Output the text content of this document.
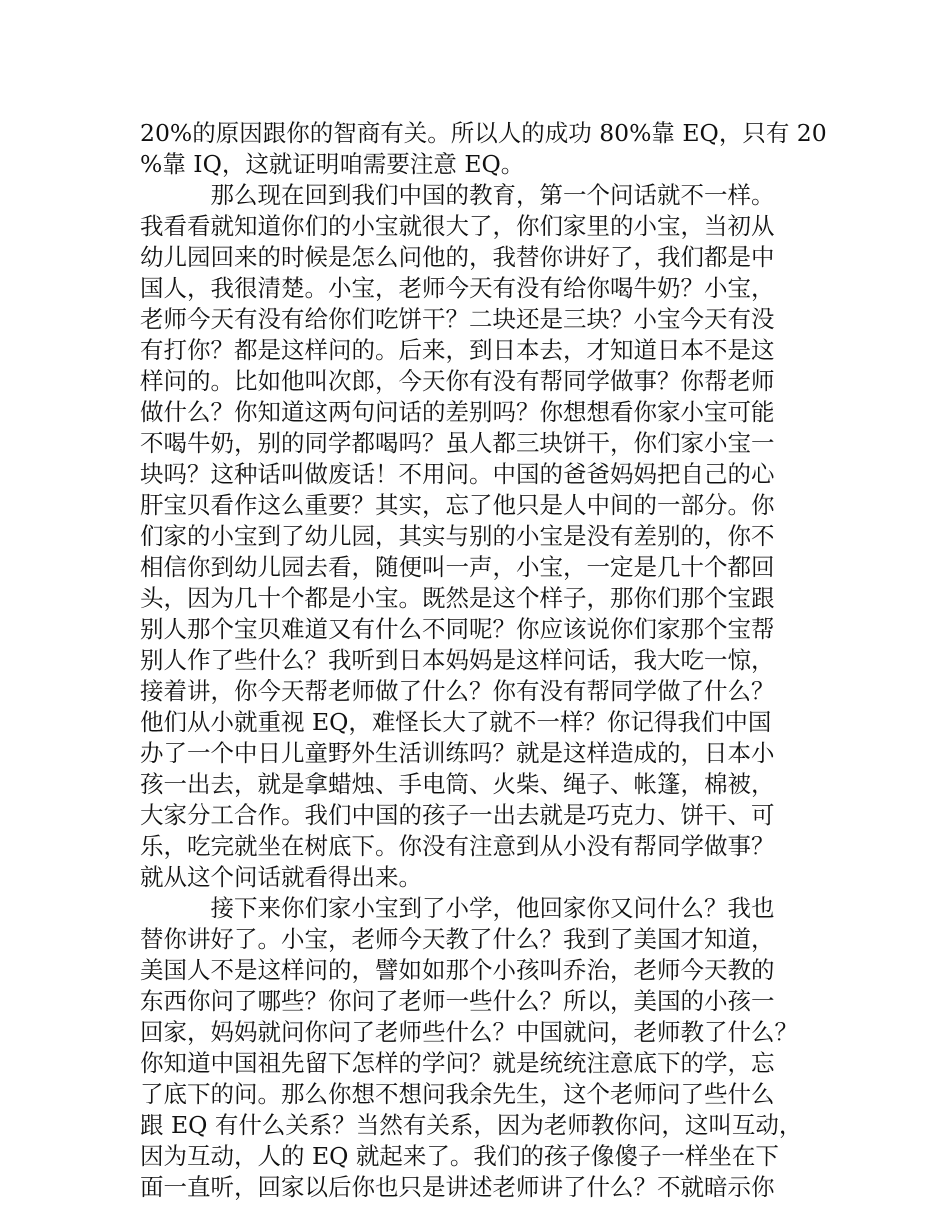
20%的原因跟你的智商有关。所以人的成功 80%靠 EQ，只有 20
%靠 IQ，这就证明咱需要注意 EQ。
　　　那么现在回到我们中国的教育，第一个问话就不一样。
我看看就知道你们的小宝就很大了，你们家里的小宝，当初从
幼儿园回来的时候是怎么问他的，我替你讲好了，我们都是中
国人，我很清楚。小宝，老师今天有没有给你喝牛奶？小宝，
老师今天有没有给你们吃饼干？二块还是三块？小宝今天有没
有打你？都是这样问的。后来，到日本去，才知道日本不是这
样问的。比如他叫次郎，今天你有没有帮同学做事？你帮老师
做什么？你知道这两句问话的差别吗？你想想看你家小宝可能
不喝牛奶，别的同学都喝吗？虽人都三块饼干，你们家小宝一
块吗？这种话叫做废话！不用问。中国的爸爸妈妈把自己的心
肝宝贝看作这么重要？其实，忘了他只是人中间的一部分。你
们家的小宝到了幼儿园，其实与别的小宝是没有差别的，你不
相信你到幼儿园去看，随便叫一声，小宝，一定是几十个都回
头，因为几十个都是小宝。既然是这个样子，那你们那个宝跟
别人那个宝贝难道又有什么不同呢？你应该说你们家那个宝帮
别人作了些什么？我听到日本妈妈是这样问话，我大吃一惊，
接着讲，你今天帮老师做了什么？你有没有帮同学做了什么？
他们从小就重视 EQ，难怪长大了就不一样？你记得我们中国
办了一个中日儿童野外生活训练吗？就是这样造成的，日本小
孩一出去，就是拿蜡烛、手电筒、火柴、绳子、帐篷，棉被，
大家分工合作。我们中国的孩子一出去就是巧克力、饼干、可
乐，吃完就坐在树底下。你没有注意到从小没有帮同学做事？
就从这个问话就看得出来。
　　　接下来你们家小宝到了小学，他回家你又问什么？我也
替你讲好了。小宝，老师今天教了什么？我到了美国才知道，
美国人不是这样问的，譬如如那个小孩叫乔治，老师今天教的
东西你问了哪些？你问了老师一些什么？所以，美国的小孩一
回家，妈妈就问你问了老师些什么？中国就问，老师教了什么？
你知道中国祖先留下怎样的学问？就是统统注意底下的学，忘
了底下的问。那么你想不想问我余先生，这个老师问了些什么
跟 EQ 有什么关系？当然有关系，因为老师教你问，这叫互动，
因为互动，人的 EQ 就起来了。我们的孩子像傻子一样坐在下
面一直听，回家以后你也只是讲述老师讲了什么？不就暗示你
